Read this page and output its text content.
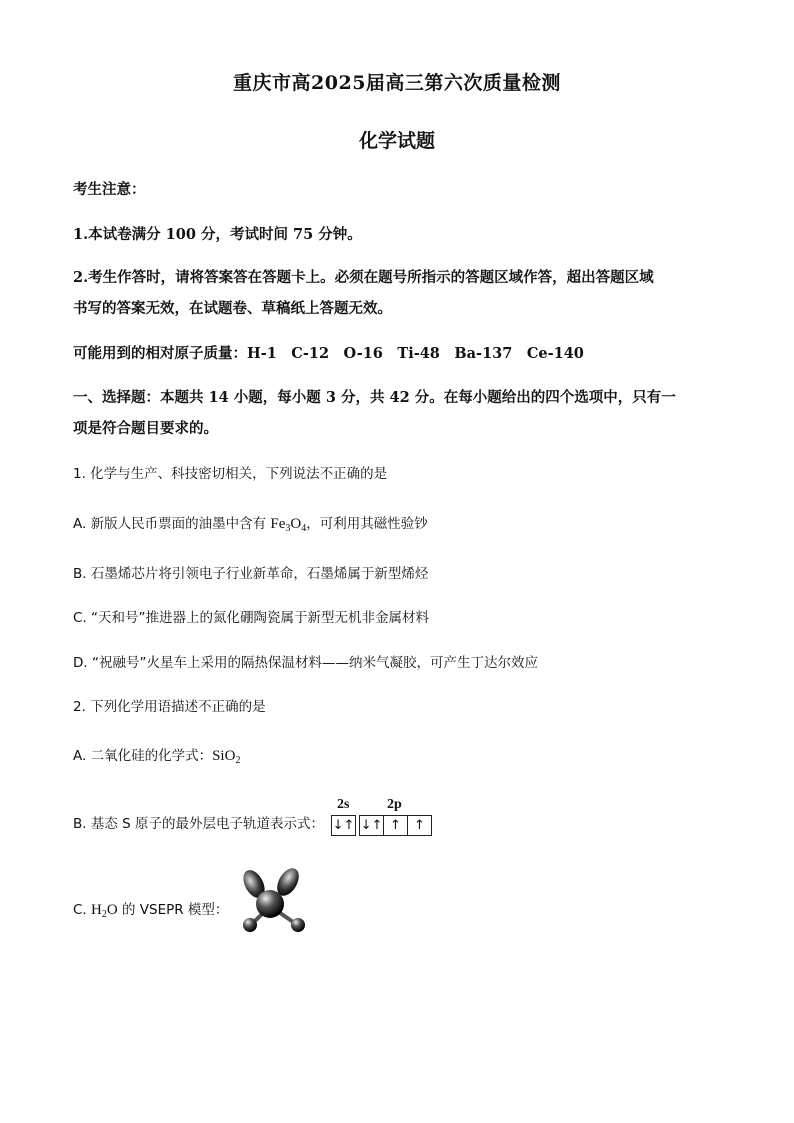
重庆市高2025届高三第六次质量检测
化学试题
考生注意：
1.本试卷满分 100 分，考试时间 75 分钟。
2.考生作答时，请将答案答在答题卡上。必须在题号所指示的答题区域作答，超出答题区域
书写的答案无效，在试题卷、草稿纸上答题无效。
可能用到的相对原子质量：H-1　C-12　O-16　Ti-48　Ba-137　Ce-140
一、选择题：本题共 14 小题，每小题 3 分，共 42 分。在每小题给出的四个选项中，只有一
项是符合题目要求的。
1. 化学与生产、科技密切相关，下列说法不正确的是
A. 新版人民币票面的油墨中含有 $Fe_3O_4$，可利用其磁性验钞
B. 石墨烯芯片将引领电子行业新革命，石墨烯属于新型烯烃
C. “天和号”推进器上的氮化硼陶瓷属于新型无机非金属材料
D. “祝融号”火星车上采用的隔热保温材料——纳米气凝胶，可产生丁达尔效应
2. 下列化学用语描述不正确的是
A. 二氧化硅的化学式：SiO$_2$
B. 基态 S 原子的最外层电子轨道表示式：
2s	2p
↓↑ ↓↑ ↑	↑
C. $H_2O$ 的 VSEPR 模型：
